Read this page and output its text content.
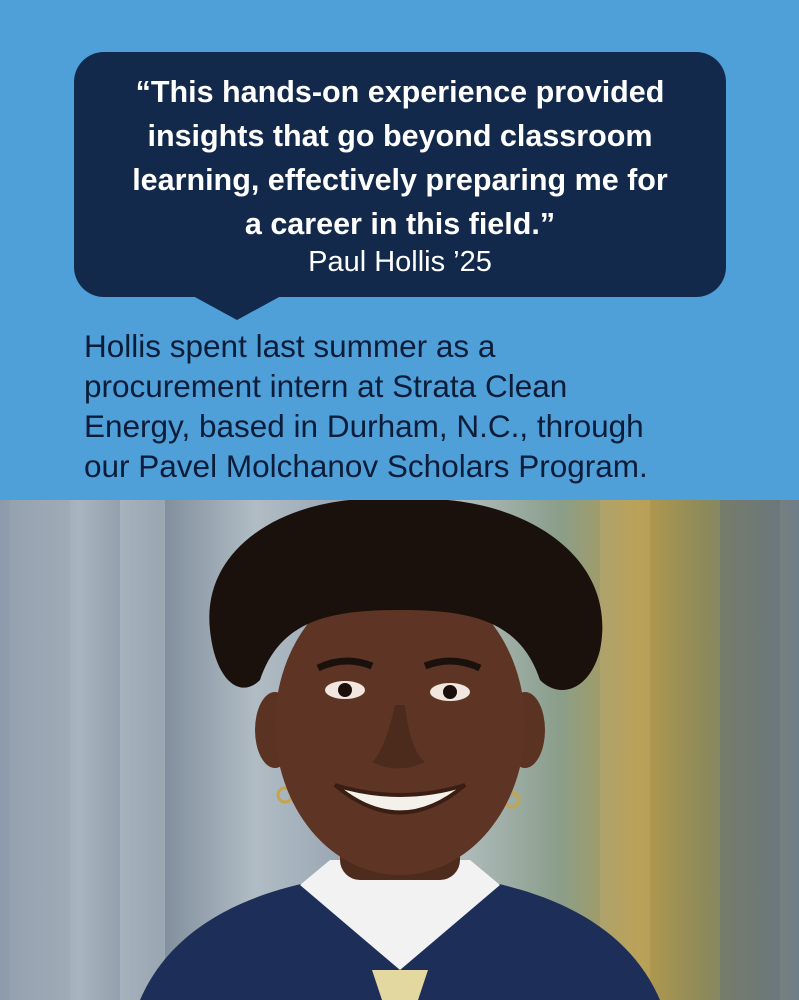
“This hands-on experience provided
insights that go beyond classroom
learning, effectively preparing me for
a career in this field.”

Paul Hollis ’25

Hollis spent last summer as a
procurement intern at Strata Clean
Energy, based in Durham, N.C., through
our Pavel Molchanov Scholars Program.
